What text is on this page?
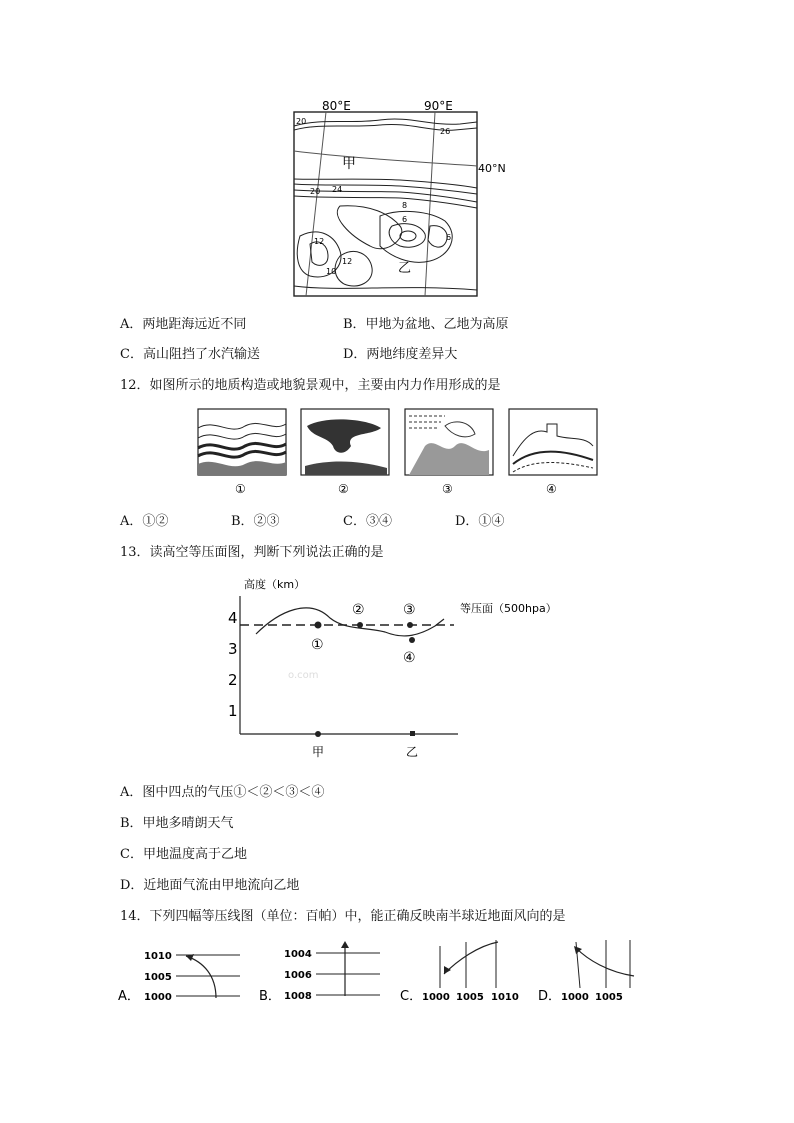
80°E	90°E
40°N
甲
乙
20
26
20 24
8
6
6
12
12
10
A．两地距海远近不同	B．甲地为盆地、乙地为高原
C．高山阻挡了水汽输送	D．两地纬度差异大
12．如图所示的地质构造或地貌景观中，主要由内力作用形成的是
①	②	③	④
A．①②	B．②③	C．③④	D．①④
13．读高空等压面图，判断下列说法正确的是
高度（km）
4
3
2
1
①
②	③
④
等压面（500hpa）
o.com
甲	乙
A．图中四点的气压①＜②＜③＜④
B．甲地多晴朗天气
C．甲地温度高于乙地
D．近地面气流由甲地流向乙地
14．下列四幅等压线图（单位：百帕）中，能正确反映南半球近地面风向的是
A．
1010
1005
1000	B．
1004
1006
1008	C． 1000 1005 1010 D． 1000 1005
